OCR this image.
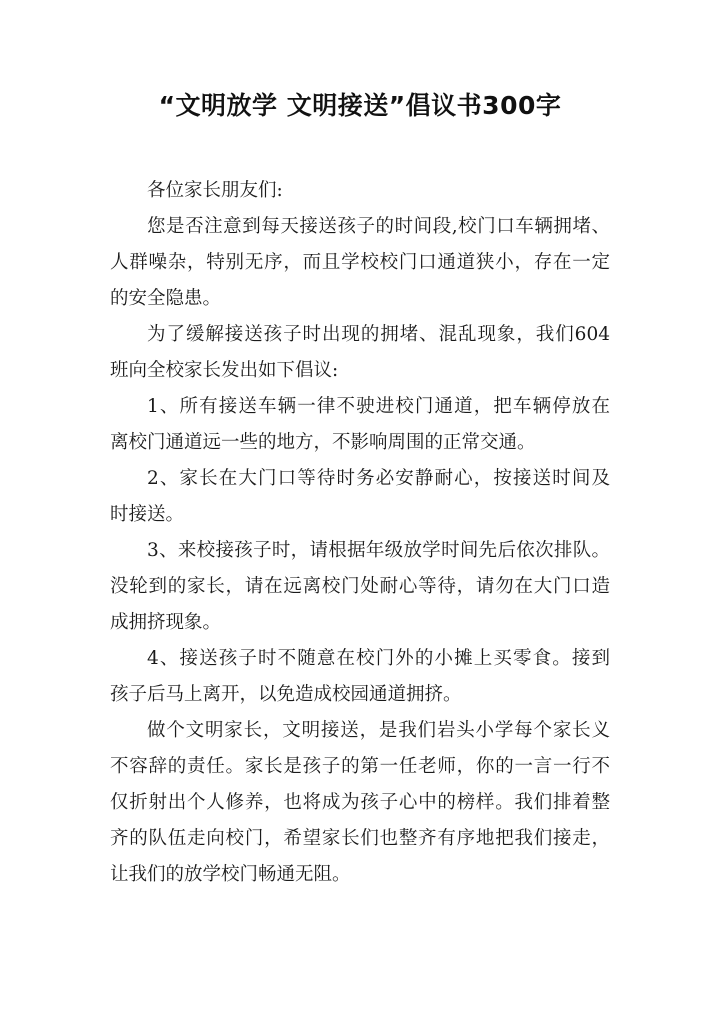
“文明放学 文明接送”倡议书300字
各位家长朋友们:
您是否注意到每天接送孩子的时间段,校门口车辆拥堵、
人群噪杂，特别无序，而且学校校门口通道狭小，存在一定
的安全隐患。
为了缓解接送孩子时出现的拥堵、混乱现象，我们604
班向全校家长发出如下倡议:
1、所有接送车辆一律不驶进校门通道，把车辆停放在
离校门通道远一些的地方，不影响周围的正常交通。
2、家长在大门口等待时务必安静耐心，按接送时间及
时接送。
3、来校接孩子时，请根据年级放学时间先后依次排队。
没轮到的家长，请在远离校门处耐心等待，请勿在大门口造
成拥挤现象。
4、接送孩子时不随意在校门外的小摊上买零食。接到
孩子后马上离开，以免造成校园通道拥挤。
做个文明家长，文明接送，是我们岩头小学每个家长义
不容辞的责任。家长是孩子的第一任老师，你的一言一行不
仅折射出个人修养，也将成为孩子心中的榜样。我们排着整
齐的队伍走向校门，希望家长们也整齐有序地把我们接走，
让我们的放学校门畅通无阻。
